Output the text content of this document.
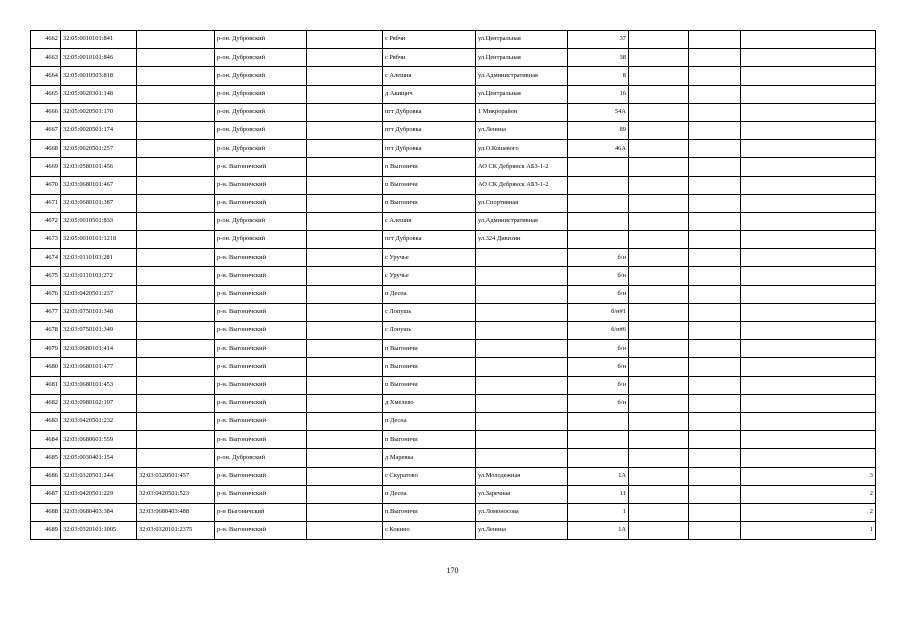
4662	32:05:0010101:841		р-он. Дубровский		с Рябчи	ул.Центральная	37			
4663	32:05:0010101:846		р-он. Дубровский		с Рябчи	ул.Центральная	38			
4664	32:05:0010503:818		р-он. Дубровский		с Алешня	ул.Административная	8			
4665	32:05:0020301:148		р-он. Дубровский		д Акищич	ул.Центральная	16			
4666	32:05:0020501:170		р-он. Дубровский		пгт Дубровка	1 Микрорайон	54А			
4667	32:05:0020501:174		р-он. Дубровский		пгт Дубровка	ул.Ленина	89			
4668	32:05:0020501:257		р-он. Дубровский		пгт Дубровка	ул.О.Кошевого	46А			
4669	32:03:0580101:456		р-н. Выгоничский		п Выгоничи	АО СК Дебрянск АБЗ-1-2				
4670	32:03:0680101:467		р-н. Выгоничский		п Выгоничи	АО СК Дебрянск АБЗ-1-2				
4671	32:03:0680101:387		р-н. Выгоничский		п Выгоничи	ул.Спортивная				
4672	32:05:0010501:833		р-он. Дубровский		с Алешня	ул.Административная				
4673	32:05:0010101:1218		р-он. Дубровский		пгт Дубровка	ул.324 Дивизии				
4674	32:03:0110103:281		р-н. Выгоничский		с Уручье		б/н			
4675	32:03:0110103:272		р-н. Выгоничский		с Уручье		б/н			
4676	32:03:0420501:237		р-н. Выгоничский		п Десна		б/н			
4677	32:03:0750101:348		р-н. Выгоничский		с Лопушь		б/н#1			
4678	32:03:0750101:349		р-н. Выгоничский		с Лопушь		б/н#6			
4679	32:03:0680101:414		р-н. Выгоничский		п Выгоничи		б/н			
4680	32:03:0680101:477		р-н. Выгоничский		п Выгоничи		б/н			
4681	32:03:0680101:453		р-н. Выгоничский		п Выгоничи		б/н			
4682	32:03:0980102:107		р-н. Выгоничский		д Хмелево		б/н			
4683	32:03:0420501:232		р-н. Выгоничский		п Десна					
4684	32:03:0680601:559		р-н. Выгоничский		п Выгоничи					
4685	32:05:0030401:154		р-он. Дубровский		д Маревка					
4686	32:03:0320501:244	32:03:0320501:457	р-н. Выгоничский		с Скуратово	ул.Молодежная	1А			3
4687	32:03:0420501:229	32:03:0420501:523	р-н. Выгоничский		п Десна	ул.Заречная	11			2
4688	32:03:0680403:384	32:03:0680403:488	р-н Выгоничский		п.Выгоничи	ул.Ломоносова	1			2
4689	32:03:0320101:1005	32:03:0320101:2375	р-н. Выгоничский		с Кокино	ул.Ленина	1А			1
170
